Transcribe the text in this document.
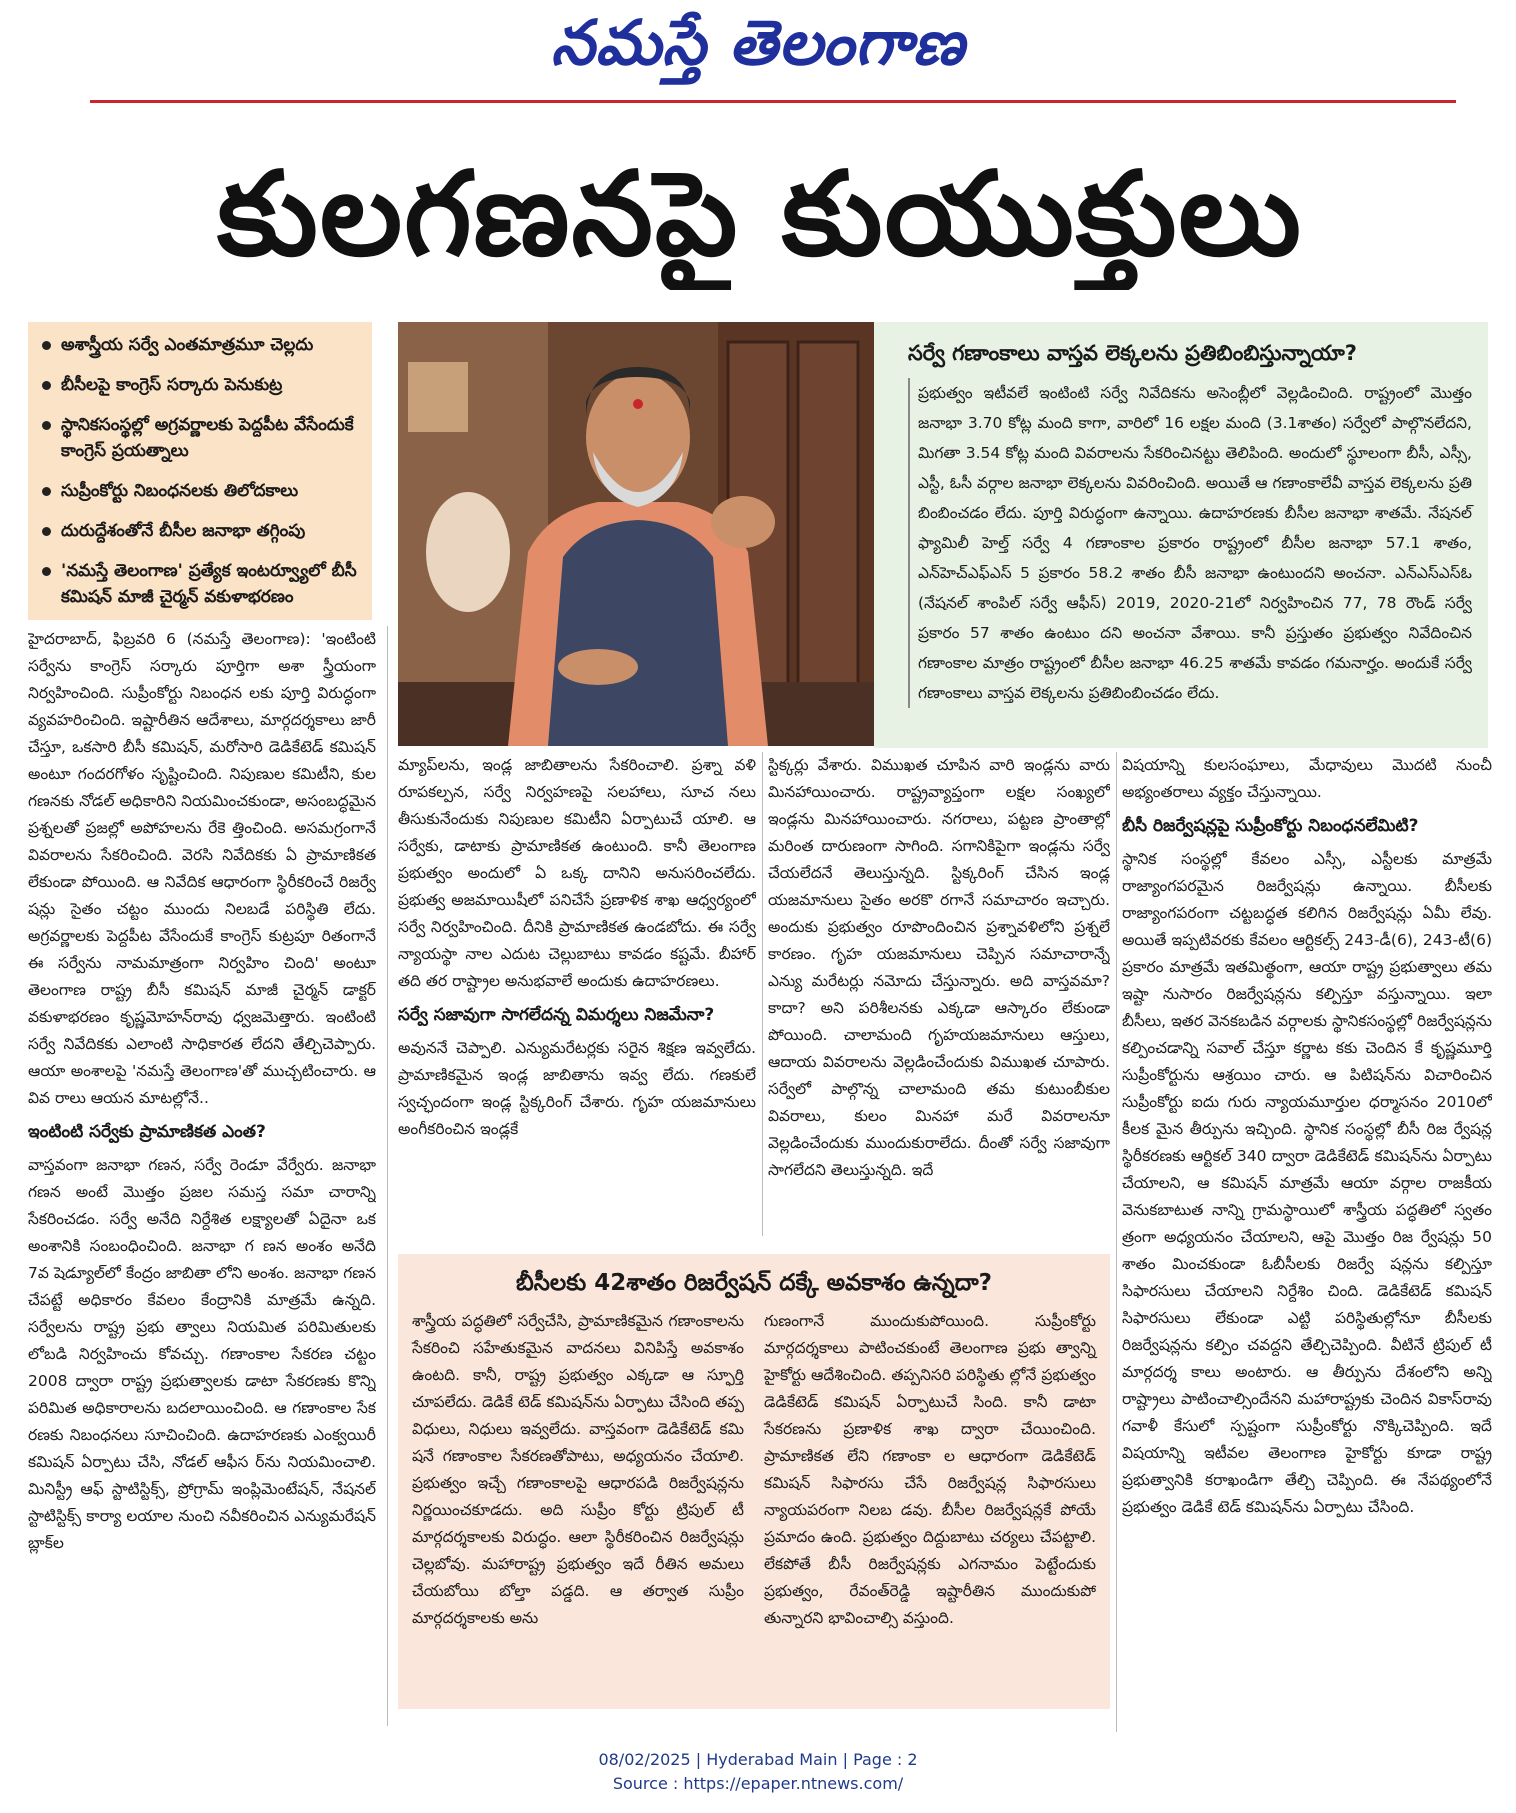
నమస్తే తెలంగాణ
కులగణనపై కుయుక్తులు
అశాస్త్రీయ సర్వే ఎంతమాత్రమూ చెల్లదు
బీసీలపై కాంగ్రెస్ సర్కారు పెనుకుట్ర
స్థానికసంస్థల్లో అగ్రవర్ణాలకు పెద్దపీట వేసేందుకే కాంగ్రెస్ ప్రయత్నాలు
సుప్రీంకోర్టు నిబంధనలకు తిలోదకాలు
దురుద్దేశంతోనే బీసీల జనాభా తగ్గింపు
'నమస్తే తెలంగాణ' ప్రత్యేక ఇంటర్వ్యూలో బీసీ కమిషన్ మాజీ చైర్మన్ వకుళాభరణం
సర్వే గణాంకాలు వాస్తవ లెక్కలను ప్రతిబింబిస్తున్నాయా?
ప్రభుత్వం ఇటీవలే ఇంటింటి సర్వే నివేదికను అసెంబ్లీలో వెల్లడించింది. రాష్ట్రంలో మొత్తం జనాభా 3.70 కోట్ల మంది కాగా, వారిలో 16 లక్షల మంది (3.1శాతం) సర్వేలో పాల్గొనలేదని, మిగతా 3.54 కోట్ల మంది వివరాలను సేకరించినట్టు తెలిపింది. అందులో స్థూలంగా బీసీ, ఎస్సీ, ఎస్టీ, ఓసీ వర్గాల జనాభా లెక్కలను వివరించింది. అయితే ఆ గణాంకాలేవీ వాస్తవ లెక్కలను ప్రతి బింబించడం లేదు. పూర్తి విరుద్ధంగా ఉన్నాయి. ఉదాహరణకు బీసీల జనాభా శాతమే. నేషనల్ ఫ్యామిలీ హెల్త్ సర్వే 4 గణాంకాల ప్రకారం రాష్ట్రంలో బీసీల జనాభా 57.1 శాతం, ఎన్‌హెచ్ఎఫ్ఎస్ 5 ప్రకారం 58.2 శాతం బీసీ జనాభా ఉంటుందని అంచనా. ఎన్ఎస్ఎస్ఓ (నేషనల్ శాంపిల్ సర్వే ఆఫీస్) 2019, 2020-21లో నిర్వహించిన 77, 78 రౌండ్ సర్వే ప్రకారం 57 శాతం ఉంటుం దని అంచనా వేశాయి. కానీ ప్రస్తుతం ప్రభుత్వం నివేదించిన గణాంకాల మాత్రం రాష్ట్రంలో బీసీల జనాభా 46.25 శాతమే కావడం గమనార్హం. అందుకే సర్వే గణాంకాలు వాస్తవ లెక్కలను ప్రతిబింబించడం లేదు.

హైదరాబాద్, ఫిబ్రవరి 6 (నమస్తే తెలంగాణ): 'ఇంటింటి సర్వేను కాంగ్రెస్ సర్కారు పూర్తిగా అశా స్త్రీయంగా నిర్వహించింది. సుప్రీంకోర్టు నిబంధన లకు పూర్తి విరుద్ధంగా వ్యవహరించింది. ఇష్టారీతిన ఆదేశాలు, మార్గదర్శకాలు జారీ చేస్తూ, ఒకసారి బీసీ కమిషన్, మరోసారి డెడికేటెడ్ కమిషన్ అంటూ గందరగోళం సృష్టించింది. నిపుణుల కమిటీని, కుల గణనకు నోడల్ అధికారిని నియమించకుండా, అసంబద్ధమైన ప్రశ్నలతో ప్రజల్లో అపోహలను రేకె త్తించింది. అసమగ్రంగానే వివరాలను సేకరించింది. వెరసి నివేదికకు ఏ ప్రామాణికత లేకుండా పోయింది. ఆ నివేదిక ఆధారంగా స్థిరీకరించే రిజర్వే షన్లు సైతం చట్టం ముందు నిలబడే పరిస్థితి లేదు. అగ్రవర్ణాలకు పెద్దపీట వేసేందుకే కాంగ్రెస్ కుట్రపూ రితంగానే ఈ సర్వేను నామమాత్రంగా నిర్వహిం చింది' అంటూ తెలంగాణ రాష్ట్ర బీసీ కమిషన్ మాజీ చైర్మన్ డాక్టర్ వకుళాభరణం కృష్ణమోహన్‌రావు ధ్వజమెత్తారు. ఇంటింటి సర్వే నివేదికకు ఎలాంటి సాధికారత లేదని తేల్చిచెప్పారు. ఆయా అంశాలపై 'నమస్తే తెలంగాణ'తో ముచ్చటించారు. ఆ వివ రాలు ఆయన మాటల్లోనే..

ఇంటింటి సర్వేకు ప్రామాణికత ఎంత?

వాస్తవంగా జనాభా గణన, సర్వే రెండూ వేర్వేరు. జనాభా గణన అంటే మొత్తం ప్రజల సమస్త సమా చారాన్ని సేకరించడం. సర్వే అనేది నిర్దేశిత లక్ష్యాలతో ఏదైనా ఒక అంశానికి సంబంధించింది. జనాభా గ ణన అంశం అనేది 7వ షెడ్యూల్‌లో కేంద్రం జాబితా లోని అంశం. జనాభా గణన చేపట్టే అధికారం కేవలం కేంద్రానికి మాత్రమే ఉన్నది. సర్వేలను రాష్ట్ర ప్రభు త్వాలు నియమిత పరిమితులకు లోబడి నిర్వహించు కోవచ్చు. గణాంకాల సేకరణ చట్టం 2008 ద్వారా రాష్ట్ర ప్రభుత్వాలకు డాటా సేకరణకు కొన్ని పరిమిత అధికారాలను బదలాయించింది. ఆ గణాంకాల సేక రణకు నిబంధనలు సూచించింది. ఉదాహరణకు ఎంక్వయిరీ కమిషన్ ఏర్పాటు చేసి, నోడల్ ఆఫీస ర్‌ను నియమించాలి. మినిస్ట్రీ ఆఫ్ స్టాటిస్టిక్స్, ప్రోగ్రామ్ ఇంప్లిమెంటేషన్, నేషనల్ స్టాటిస్టిక్స్ కార్యా లయాల నుంచి నవీకరించిన ఎన్యుమరేషన్ బ్లాక్‌ల

మ్యాప్‌లను, ఇండ్ల జాబితాలను సేకరించాలి. ప్రశ్నా వళి రూపకల్పన, సర్వే నిర్వహణపై సలహాలు, సూచ నలు తీసుకునేందుకు నిపుణుల కమిటీని ఏర్పాటుచే యాలి. ఆ సర్వేకు, డాటాకు ప్రామాణికత ఉంటుంది. కానీ తెలంగాణ ప్రభుత్వం అందులో ఏ ఒక్క దానిని అనుసరించలేదు. ప్రభుత్వ అజమాయిషీలో పనిచేసే ప్రణాళిక శాఖ ఆధ్వర్యంలో సర్వే నిర్వహించింది. దీనికి ప్రామాణికత ఉండబోదు. ఈ సర్వే న్యాయస్థా నాల ఎదుట చెల్లుబాటు కావడం కష్టమే. బీహార్ తది తర రాష్ట్రాల అనుభవాలే అందుకు ఉదాహరణలు.

సర్వే సజావుగా సాగలేదన్న విమర్శలు నిజమేనా?

అవుననే చెప్పాలి. ఎన్యుమరేటర్లకు సరైన శిక్షణ ఇవ్వలేదు. ప్రామాణికమైన ఇండ్ల జాబితాను ఇవ్వ లేదు. గణకులే స్వచ్ఛందంగా ఇండ్ల స్టిక్కరింగ్ చేశారు. గృహ యజమానులు అంగీకరించిన ఇండ్లకే

స్టిక్కర్లు వేశారు. విముఖత చూపిన వారి ఇండ్లను వారు మినహాయించారు. రాష్ట్రవ్యాప్తంగా లక్షల సంఖ్యలో ఇండ్లను మినహాయించారు. నగరాలు, పట్టణ ప్రాంతాల్లో మరింత దారుణంగా సాగింది. సగానికిపైగా ఇండ్లను సర్వే చేయలేదనే తెలుస్తున్నది. స్టిక్కరింగ్ చేసిన ఇండ్ల యజమానులు సైతం అరకొ రగానే సమాచారం ఇచ్చారు. అందుకు ప్రభుత్వం రూపొందించిన ప్రశ్నావళిలోని ప్రశ్నలే కారణం. గృహ యజమానులు చెప్పిన సమాచారాన్నే ఎన్యు మరేటర్లు నమోదు చేస్తున్నారు. అది వాస్తవమా? కాదా? అని పరిశీలనకు ఎక్కడా ఆస్కారం లేకుండా పోయింది. చాలామంది గృహయజమానులు ఆస్తులు, ఆదాయ వివరాలను వెల్లడించేందుకు విముఖత చూపారు. సర్వేలో పాల్గొన్న చాలామంది తమ కుటుంబీకుల వివరాలు, కులం మినహా మరే వివరాలనూ వెల్లడించేందుకు ముందుకురాలేదు. దీంతో సర్వే సజావుగా సాగలేదని తెలుస్తున్నది. ఇదే

విషయాన్ని కులసంఘాలు, మేధావులు మొదటి నుంచీ అభ్యంతరాలు వ్యక్తం చేస్తున్నాయి.

బీసీ రిజర్వేషన్లపై సుప్రీంకోర్టు నిబంధనలేమిటి?

స్థానిక సంస్థల్లో కేవలం ఎస్సీ, ఎస్టీలకు మాత్రమే రాజ్యాంగపరమైన రిజర్వేషన్లు ఉన్నాయి. బీసీలకు రాజ్యాంగపరంగా చట్టబద్ధత కలిగిన రిజర్వేషన్లు ఏమీ లేవు. అయితే ఇప్పటివరకు కేవలం ఆర్టికల్స్ 243-డీ(6), 243-టీ(6) ప్రకారం మాత్రమే ఇతమిత్థంగా, ఆయా రాష్ట్ర ప్రభుత్వాలు తమ ఇష్టా నుసారం రిజర్వేషన్లను కల్పిస్తూ వస్తున్నాయి. ఇలా బీసీలు, ఇతర వెనకబడిన వర్గాలకు స్థానికసంస్థల్లో రిజర్వేషన్లను కల్పించడాన్ని సవాల్ చేస్తూ కర్ణాట కకు చెందిన కే కృష్ణమూర్తి సుప్రీంకోర్టును ఆశ్రయిం చారు. ఆ పిటిషన్‌ను విచారించిన సుప్రీంకోర్టు ఐదు గురు న్యాయమూర్తుల ధర్మాసనం 2010లో కీలక మైన తీర్పును ఇచ్చింది. స్థానిక సంస్థల్లో బీసీ రిజ ర్వేషన్ల స్థిరీకరణకు ఆర్టికల్ 340 ద్వారా డెడికేటెడ్ కమిషన్‌ను ఏర్పాటు చేయాలని, ఆ కమిషన్ మాత్రమే ఆయా వర్గాల రాజకీయ వెనుకబాటుత నాన్ని గ్రామస్థాయిలో శాస్త్రీయ పద్ధతిలో స్వతం త్రంగా అధ్యయనం చేయాలని, ఆపై మొత్తం రిజ ర్వేషన్లు 50 శాతం మించకుండా ఓబీసీలకు రిజర్వే షన్లను కల్పిస్తూ సిఫారసులు చేయాలని నిర్దేశిం చింది. డెడికేటెడ్ కమిషన్ సిఫారసులు లేకుండా ఎట్టి పరిస్థితుల్లోనూ బీసీలకు రిజర్వేషన్లను కల్పిం చవద్దని తేల్చిచెప్పింది. వీటినే ట్రిపుల్ టీ మార్గదర్శ కాలు అంటారు. ఆ తీర్పును దేశంలోని అన్ని రాష్ట్రాలు పాటించాల్సిందేనని మహారాష్ట్రకు చెందిన వికాస్‌రావు గవాళీ కేసులో స్పష్టంగా సుప్రీంకోర్టు నొక్కిచెప్పింది. ఇదే విషయాన్ని ఇటీవల తెలంగాణ హైకోర్టు కూడా రాష్ట్ర ప్రభుత్వానికి కరాఖండిగా తేల్చి చెప్పింది. ఈ నేపథ్యంలోనే ప్రభుత్వం డెడికే టెడ్ కమిషన్‌ను ఏర్పాటు చేసింది.

బీసీలకు 42శాతం రిజర్వేషన్ దక్కే అవకాశం ఉన్నదా?
శాస్త్రీయ పద్ధతిలో సర్వేచేసి, ప్రామాణికమైన గణాంకాలను సేకరించి సహేతుకమైన వాదనలు వినిపిస్తే అవకాశం ఉంటది. కానీ, రాష్ట్ర ప్రభుత్వం ఎక్కడా ఆ స్ఫూర్తి చూపలేదు. డెడికే టెడ్ కమిషన్‌ను ఏర్పాటు చేసింది తప్ప విధులు, నిధులు ఇవ్వలేదు. వాస్తవంగా డెడికేటెడ్ కమి షనే గణాంకాల సేకరణతోపాటు, అధ్యయనం చేయాలి. ప్రభుత్వం ఇచ్చే గణాంకాలపై ఆధారపడి రిజర్వేషన్లను నిర్ణయించకూడదు. అది సుప్రీం కోర్టు ట్రిపుల్ టీ మార్గదర్శకాలకు విరుద్ధం. ఆలా స్థిరీకరించిన రిజర్వేషన్లు చెల్లబోవు. మహారాష్ట్ర ప్రభుత్వం ఇదే రీతిన అమలు చేయబోయి బోల్తా పడ్డది. ఆ తర్వాత సుప్రీం మార్గదర్శకాలకు అను
గుణంగానే ముందుకుపోయింది. సుప్రీంకోర్టు మార్గదర్శకాలు పాటించకుంటే తెలంగాణ ప్రభు త్వాన్ని హైకోర్టు ఆదేశించింది. తప్పనిసరి పరిస్థితు ల్లోనే ప్రభుత్వం డెడికేటెడ్ కమిషన్ ఏర్పాటుచే సింది. కానీ డాటా సేకరణను ప్రణాళిక శాఖ ద్వారా చేయించింది. ప్రామాణికత లేని గణాంకా ల ఆధారంగా డెడికేటెడ్ కమిషన్ సిఫారసు చేసే రిజర్వేషన్ల సిఫారసులు న్యాయపరంగా నిలబ డవు. బీసీల రిజర్వేషన్లకే పోయే ప్రమాదం ఉంది. ప్రభుత్వం దిద్దుబాటు చర్యలు చేపట్టాలి. లేకపోతే బీసీ రిజర్వేషన్లకు ఎగనామం పెట్టేందుకు ప్రభుత్వం, రేవంత్‌రెడ్డి ఇష్టారీతిన ముందుకుపో తున్నారని భావించాల్సి వస్తుంది.
08/02/2025 | Hyderabad Main | Page : 2
Source : https://epaper.ntnews.com/
